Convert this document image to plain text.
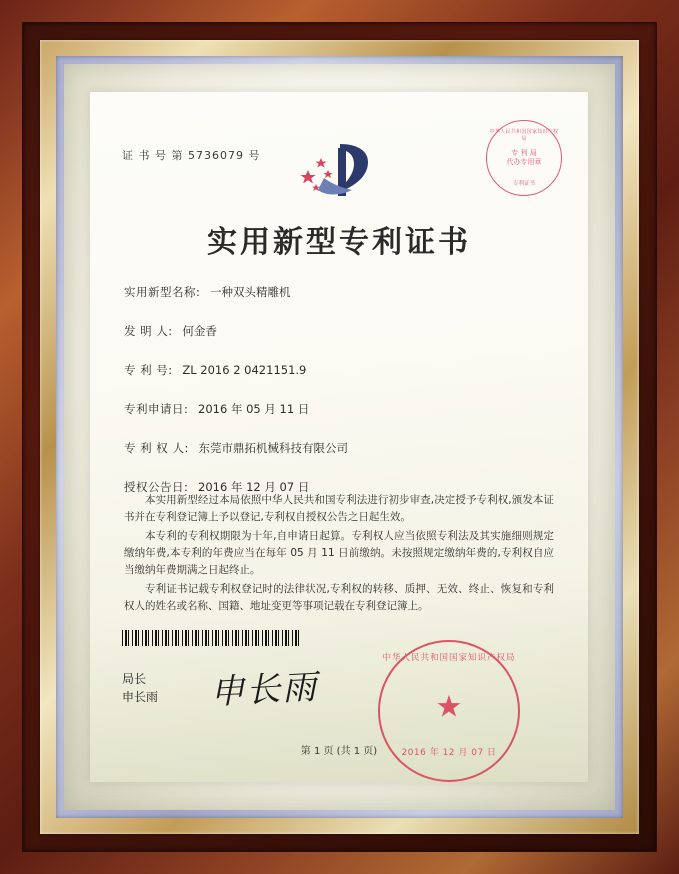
证 书 号 第 5736079 号
中华人民共和国国家知识产权局
专 利 局
代办专用章
专利证书
实用新型专利证书
实用新型名称: 一种双头精雕机
发 明 人: 何金香
专 利 号: ZL 2016 2 0421151.9
专利申请日: 2016 年 05 月 11 日
专 利 权 人: 东莞市鼎拓机械科技有限公司
授权公告日: 2016 年 12 月 07 日

本实用新型经过本局依照中华人民共和国专利法进行初步审查,决定授予专利权,颁发本证书并在专利登记簿上予以登记,专利权自授权公告之日起生效。

本专利的专利权期限为十年,自申请日起算。专利权人应当依照专利法及其实施细则规定缴纳年费,本专利的年费应当在每年 05 月 11 日前缴纳。未按照规定缴纳年费的,专利权自应当缴纳年费期满之日起终止。

专利证书记载专利权登记时的法律状况,专利权的转移、质押、无效、终止、恢复和专利权人的姓名或名称、国籍、地址变更等事项记载在专利登记簿上。

局长
申长雨 申长雨
中华人民共和国国家知识产权局
★
2016 年 12 月 07 日
第 1 页 (共 1 页)
